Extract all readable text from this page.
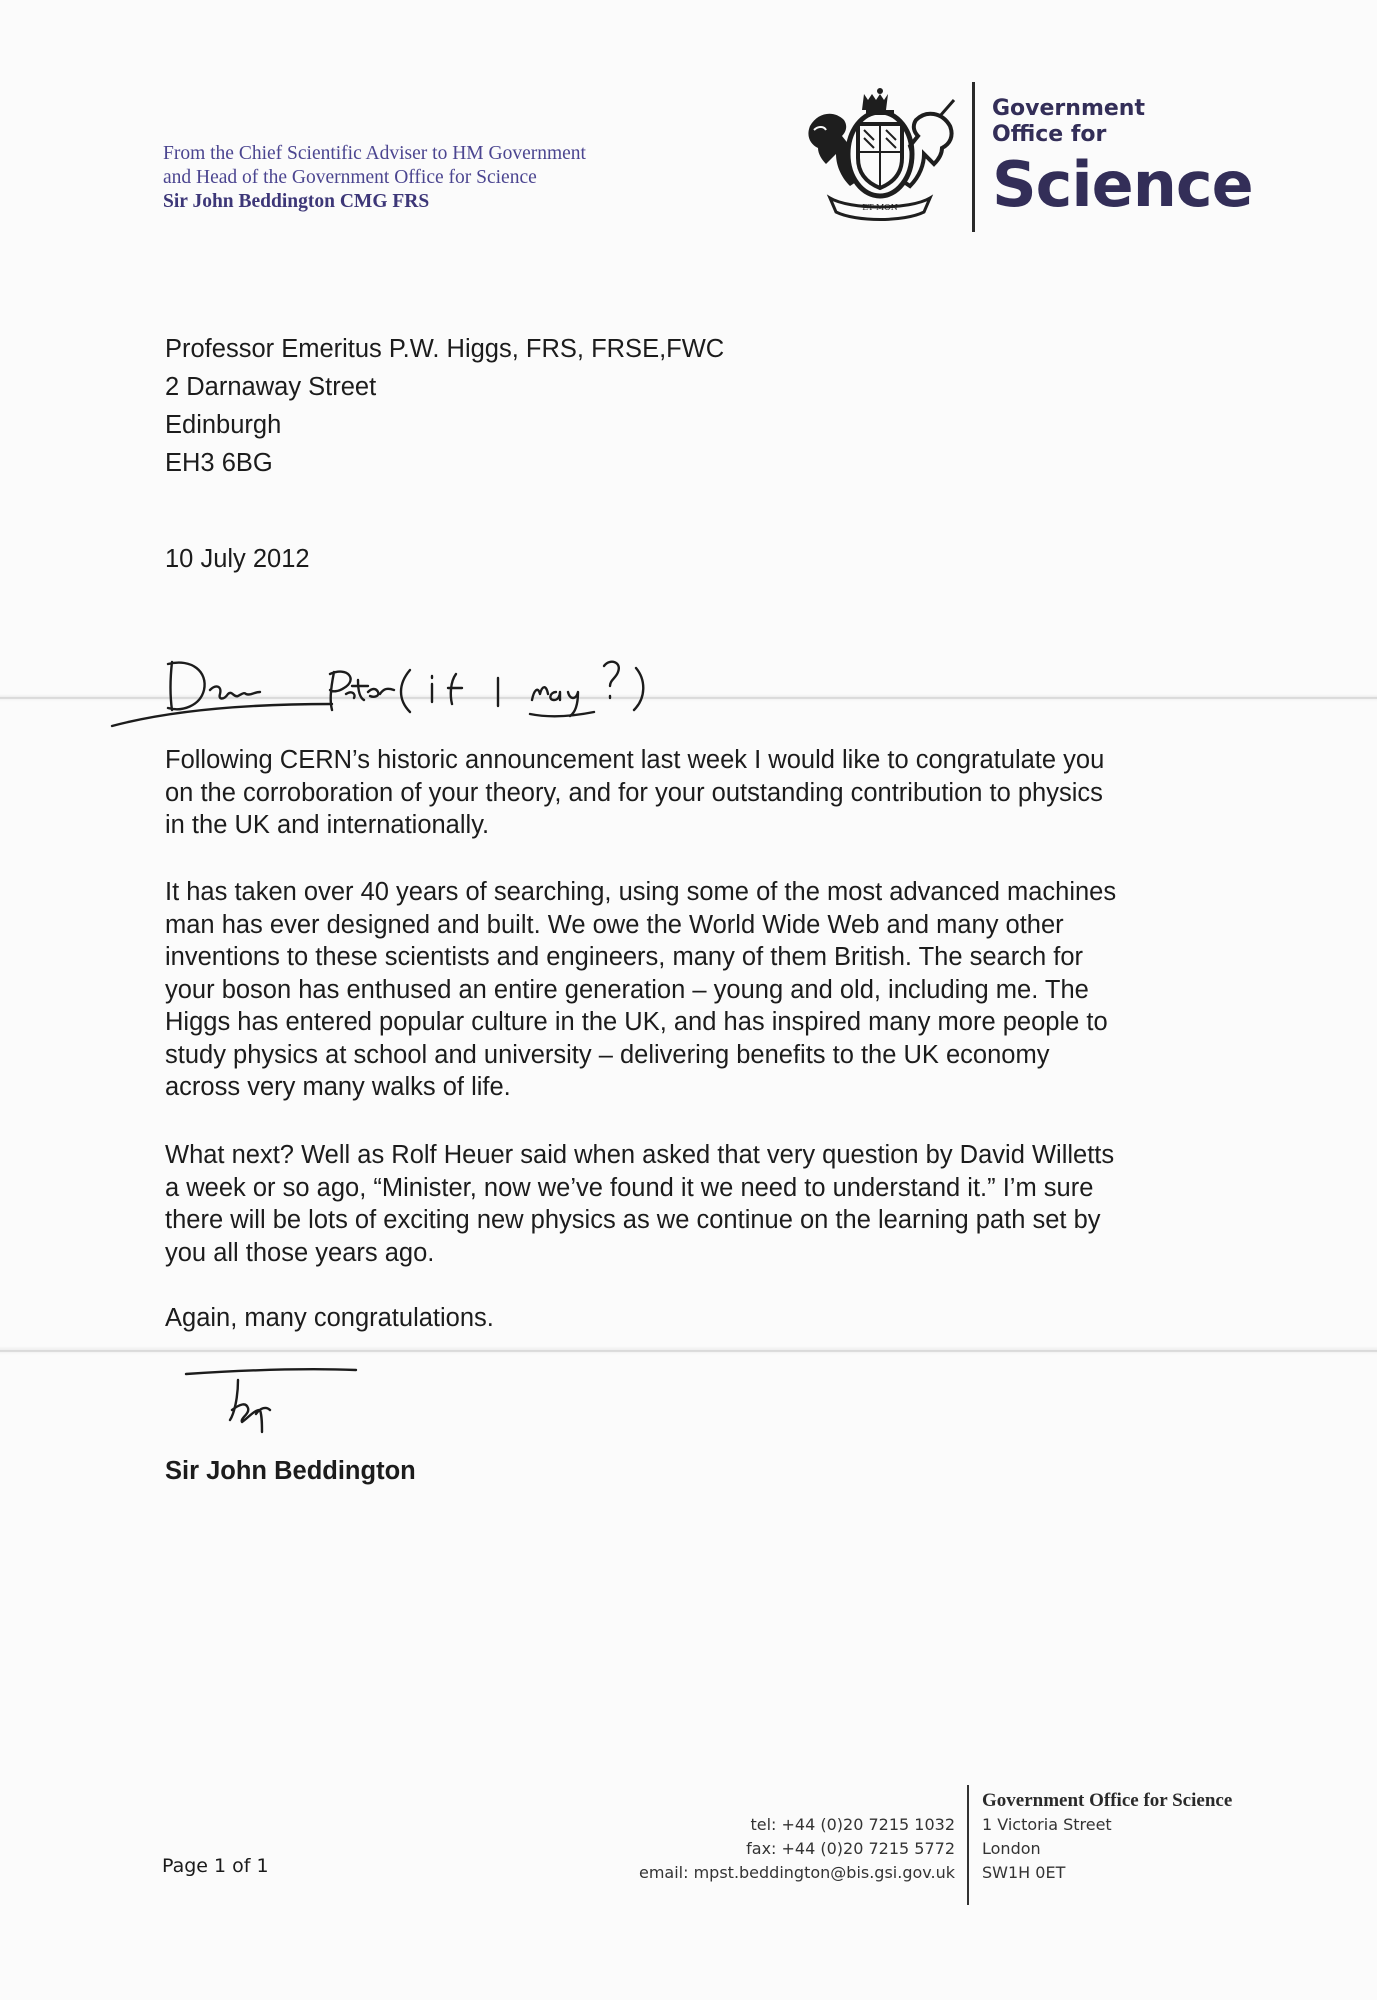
From the Chief Scientific Adviser to HM Government
and Head of the Government Office for Science
Sir John Beddington CMG FRS	ET MON
Government
Office for
Science
Professor Emeritus P.W. Higgs, FRS, FRSE,FWC
2 Darnaway Street
Edinburgh
EH3 6BG
10 July 2012
Following CERN’s historic announcement last week I would like to congratulate you
on the corroboration of your theory, and for your outstanding contribution to physics
in the UK and internationally.
It has taken over 40 years of searching, using some of the most advanced machines
man has ever designed and built. We owe the World Wide Web and many other
inventions to these scientists and engineers, many of them British. The search for
your boson has enthused an entire generation – young and old, including me. The
Higgs has entered popular culture in the UK, and has inspired many more people to
study physics at school and university – delivering benefits to the UK economy
across very many walks of life.
What next? Well as Rolf Heuer said when asked that very question by David Willetts
a week or so ago, “Minister, now we’ve found it we need to understand it.” I’m sure
there will be lots of exciting new physics as we continue on the learning path set by
you all those years ago.
Again, many congratulations.
Sir John Beddington
Page 1 of 1
tel: +44 (0)20 7215 1032
fax: +44 (0)20 7215 5772
email: mpst.beddington@bis.gsi.gov.uk
Government Office for Science
1 Victoria Street
London
SW1H 0ET
